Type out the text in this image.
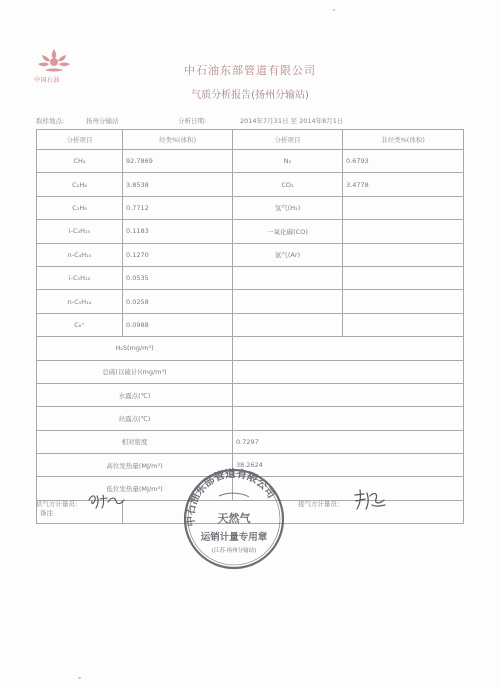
中国石油
中石油东部管道有限公司
气质分析报告(扬州分输站)
取样地点:	扬州分输站	分析日期:	2014年7月31日 至 2014年8月1日
分析项目	烃类%(体积)	分析项目	非烃类%(体积)
CH₄	92.7869	N₂	0.6793
C₂H₆	3.8538	CO₂	3.4778
C₃H₈	0.7712	氢气(H₂)	
i-C₄H₁₀	0.1183	一氧化碳(CO)	
n-C₄H₁₀	0.1270	氩气(Ar)	
i-C₅H₁₂	0.0535		
n-C₅H₁₂	0.0258		
C₆⁺	0.0988		
H₂S(mg/m³)			
总硫(以硫计)(mg/m³)			
水露点(℃)			
烃露点(℃)			
相对密度		0.7297	
高位发热量(MJ/m³)		38.2624	
低位发热量(MJ/m³)			
备注			
供气方计量员:	接气方计量员:
中石油东部管道有限公司
天然气
运销计量专用章
(江苏·扬州分输站)
